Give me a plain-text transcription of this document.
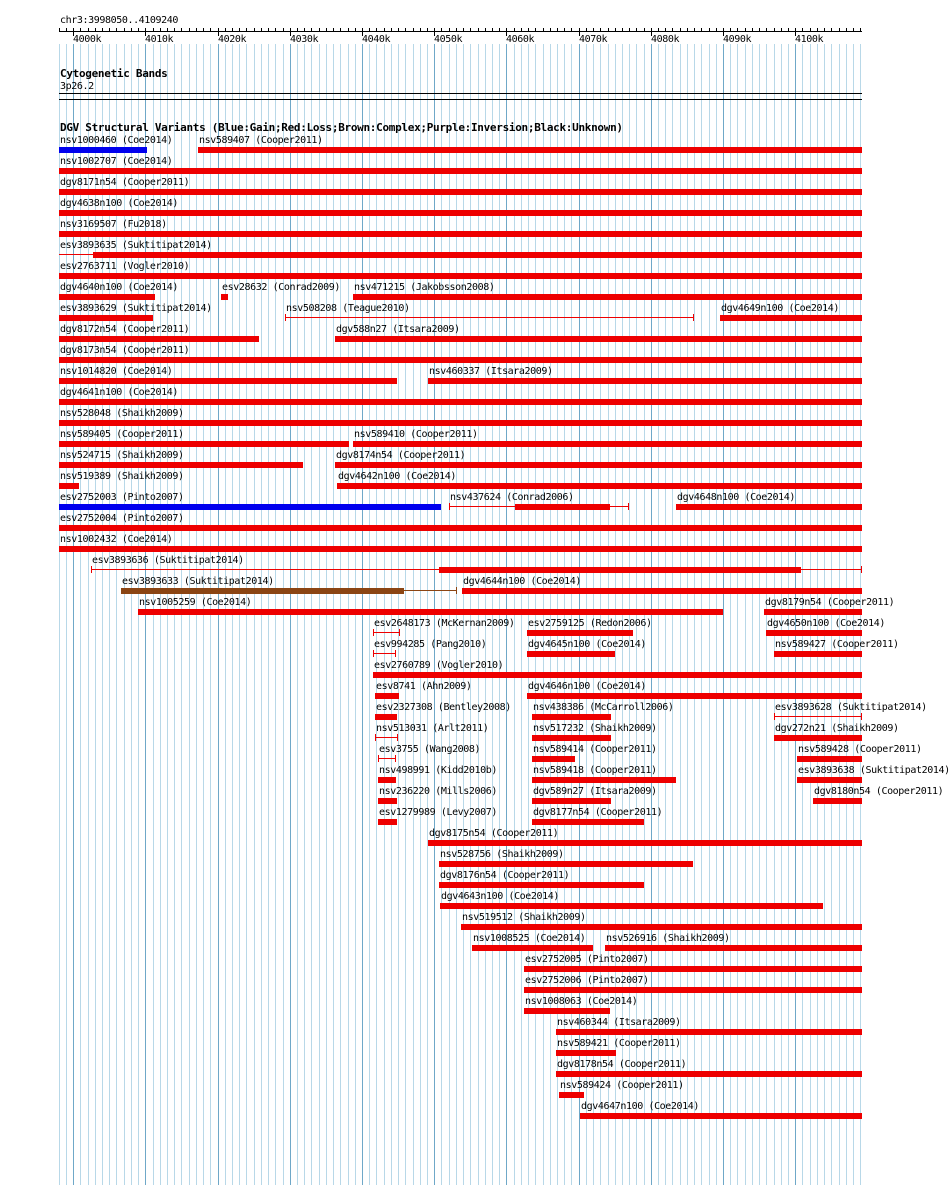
chr3:3998050..4109240
4000k	4010k	4020k	4030k	4040k	4050k	4060k	4070k	4080k	4090k	4100k
Cytogenetic Bands
3p26.2
DGV Structural Variants (Blue:Gain;Red:Loss;Brown:Complex;Purple:Inversion;Black:Unknown)
nsv1000460 (Coe2014)	nsv589407 (Cooper2011)
nsv1002707 (Coe2014)
dgv8171n54 (Cooper2011)
dgv4638n100 (Coe2014)
nsv3169507 (Fu2018)
esv3893635 (Suktitipat2014)
esv2763711 (Vogler2010)
dgv4640n100 (Coe2014)	esv28632 (Conrad2009) nsv471215 (Jakobsson2008)
esv3893629 (Suktitipat2014)	nsv508208 (Teague2010)	dgv4649n100 (Coe2014)
dgv8172n54 (Cooper2011)	dgv588n27 (Itsara2009)
dgv8173n54 (Cooper2011)
nsv1014820 (Coe2014)	nsv460337 (Itsara2009)
dgv4641n100 (Coe2014)
nsv528048 (Shaikh2009)
nsv589405 (Cooper2011)	nsv589410 (Cooper2011)
nsv524715 (Shaikh2009)	dgv8174n54 (Cooper2011)
nsv519389 (Shaikh2009)	dgv4642n100 (Coe2014)
esv2752003 (Pinto2007)	nsv437624 (Conrad2006)	dgv4648n100 (Coe2014)
esv2752004 (Pinto2007)
nsv1002432 (Coe2014)
esv3893636 (Suktitipat2014)
esv3893633 (Suktitipat2014)	dgv4644n100 (Coe2014)
nsv1005259 (Coe2014)	dgv8179n54 (Cooper2011)
esv2648173 (McKernan2009) esv2759125 (Redon2006)	dgv4650n100 (Coe2014)
esv994285 (Pang2010)	dgv4645n100 (Coe2014)	nsv589427 (Cooper2011)
esv2760789 (Vogler2010)
esv8741 (Ahn2009)	dgv4646n100 (Coe2014)
esv2327308 (Bentley2008) nsv438386 (McCarroll2006)	esv3893628 (Suktitipat2014)
nsv513031 (Arlt2011)	nsv517232 (Shaikh2009)	dgv272n21 (Shaikh2009)
esv3755 (Wang2008)	nsv589414 (Cooper2011)	nsv589428 (Cooper2011)
nsv498991 (Kidd2010b)	nsv589418 (Cooper2011)	esv3893638 (Suktitipat2014)
nsv236220 (Mills2006)	dgv589n27 (Itsara2009)	dgv8180n54 (Cooper2011)
esv1279989 (Levy2007)	dgv8177n54 (Cooper2011)
dgv8175n54 (Cooper2011)
nsv528756 (Shaikh2009)
dgv8176n54 (Cooper2011)
dgv4643n100 (Coe2014)
nsv519512 (Shaikh2009)
nsv1008525 (Coe2014) nsv526916 (Shaikh2009)
esv2752005 (Pinto2007)
esv2752006 (Pinto2007)
nsv1008063 (Coe2014)
nsv460344 (Itsara2009)
nsv589421 (Cooper2011)
dgv8178n54 (Cooper2011)
nsv589424 (Cooper2011)
dgv4647n100 (Coe2014)
